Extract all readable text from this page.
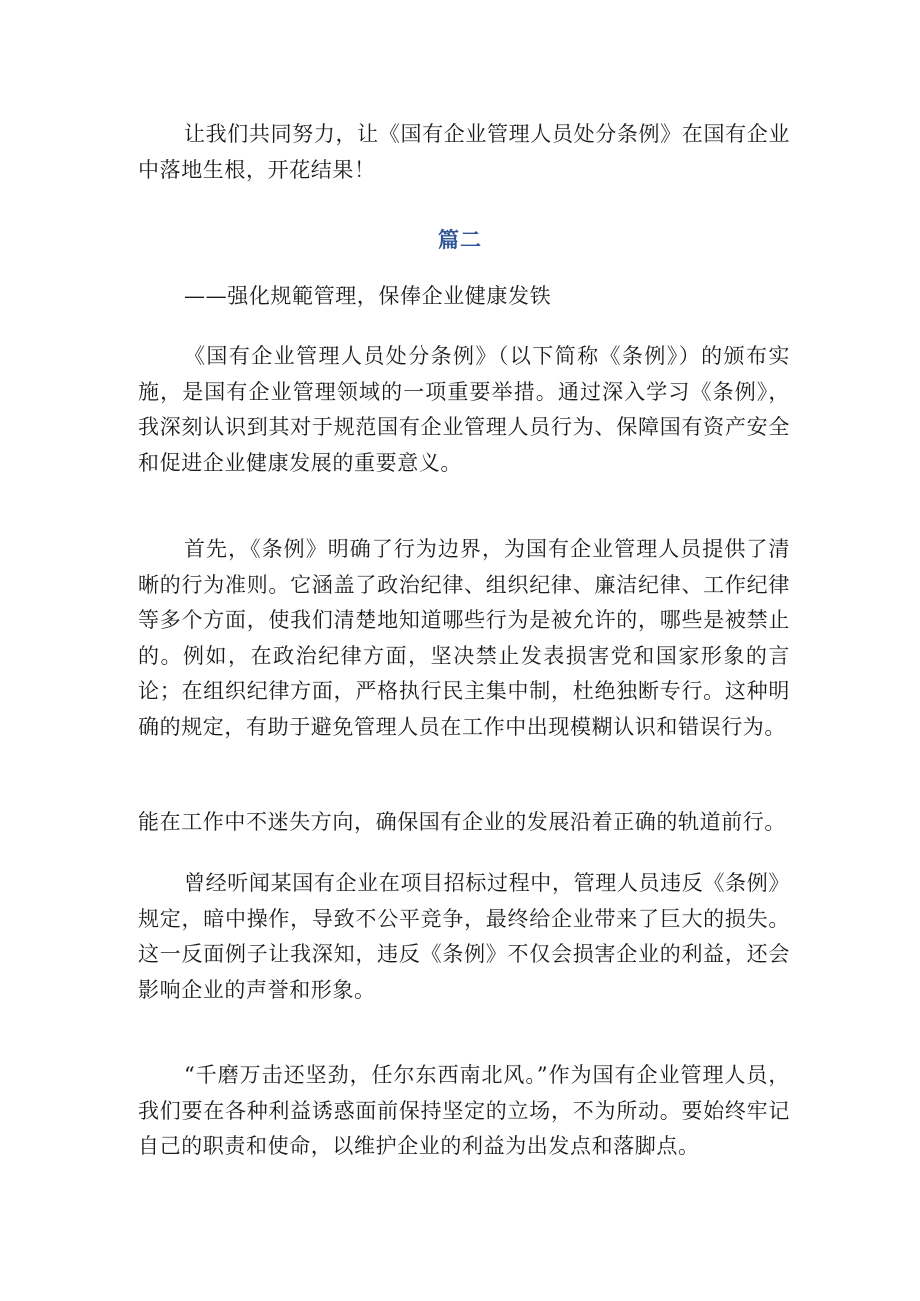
让我们共同努力，让《国有企业管理人员处分条例》在国有企业中落地生根，开花结果！

篇二

——强化规範管理，保俸企业健康发铁

《国有企业管理人员处分条例》（以下简称《条例》）的颁布实施，是国有企业管理领域的一项重要举措。通过深入学习《条例》，我深刻认识到其对于规范国有企业管理人员行为、保障国有资产安全和促进企业健康发展的重要意义。

首先，《条例》明确了行为边界，为国有企业管理人员提供了清晰的行为准则。它涵盖了政治纪律、组织纪律、廉洁纪律、工作纪律等多个方面，使我们清楚地知道哪些行为是被允许的，哪些是被禁止的。例如，在政治纪律方面，坚决禁止发表损害党和国家形象的言论；在组织纪律方面，严格执行民主集中制，杜绝独断专行。这种明确的规定，有助于避免管理人员在工作中出现模糊认识和错误行为。

能在工作中不迷失方向，确保国有企业的发展沿着正确的轨道前行。

曾经听闻某国有企业在项目招标过程中，管理人员违反《条例》规定，暗中操作，导致不公平竞争，最终给企业带来了巨大的损失。这一反面例子让我深知，违反《条例》不仅会损害企业的利益，还会影响企业的声誉和形象。

“千磨万击还坚劲，任尔东西南北风。”作为国有企业管理人员，我们要在各种利益诱惑面前保持坚定的立场，不为所动。要始终牢记自己的职责和使命，以维护企业的利益为出发点和落脚点。
